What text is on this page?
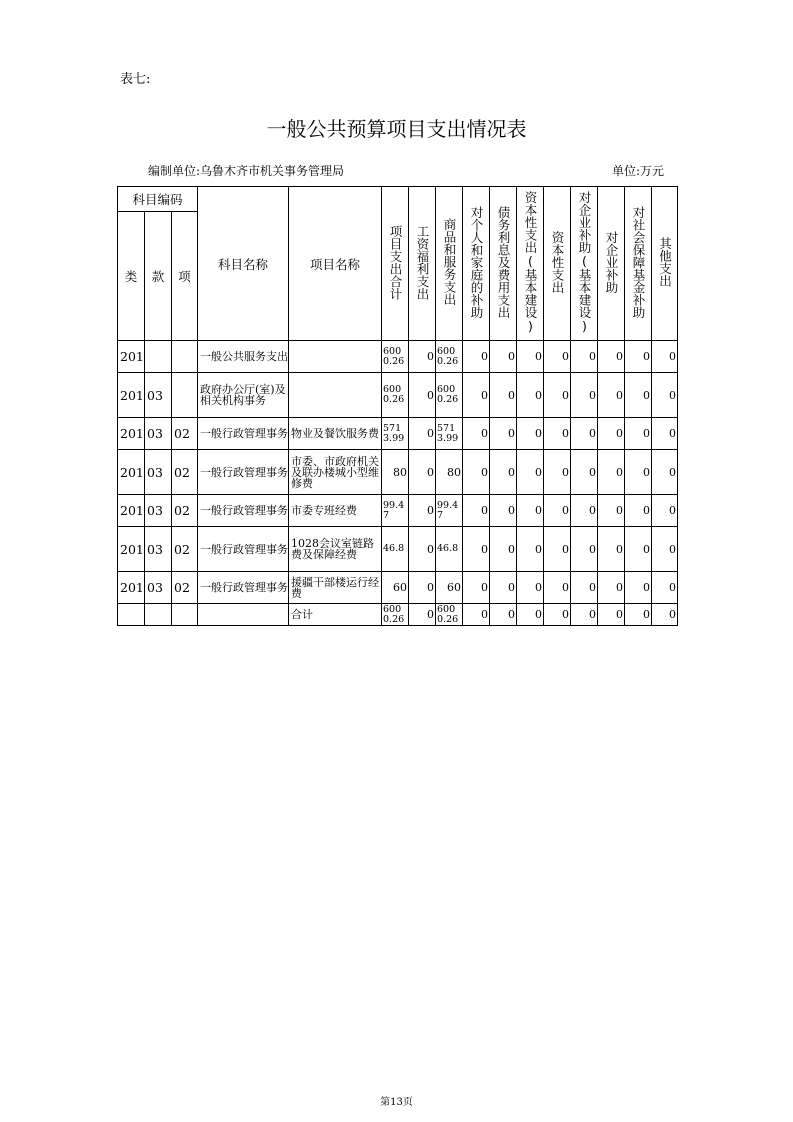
表七:
一般公共预算项目支出情况表
编制单位:乌鲁木齐市机关事务管理局	单位:万元
科目编码			科目名称	项目名称	项目支出合计	工资福利支出	商品和服务支出	对个人和家庭的补助	债务利息及费用支出	资本性支出(基本建设)	资本性支出	对企业补助(基本建设)	对企业补助	对社会保障基金补助	其他支出
类	款	项													
201			一般公共服务支出		6000.26	0	6000.26	0	0	0	0	0	0	0	0
201	03		政府办公厅(室)及相关机构事务		6000.26	0	6000.26	0	0	0	0	0	0	0	0
201	03	02	一般行政管理事务	物业及餐饮服务费	5713.99	0	5713.99	0	0	0	0	0	0	0	0
201	03	02	一般行政管理事务	市委、市政府机关及联办楼城小型维修费	80	0	80	0	0	0	0	0	0	0	0
201	03	02	一般行政管理事务	市委专班经费	99.47	0	99.47	0	0	0	0	0	0	0	0
201	03	02	一般行政管理事务	1028会议室链路费及保障经费	46.8	0	46.8	0	0	0	0	0	0	0	0
201	03	02	一般行政管理事务	援疆干部楼运行经费	60	0	60	0	0	0	0	0	0	0	0
				合计	6000.26	0	6000.26	0	0	0	0	0	0	0	0
第13页
